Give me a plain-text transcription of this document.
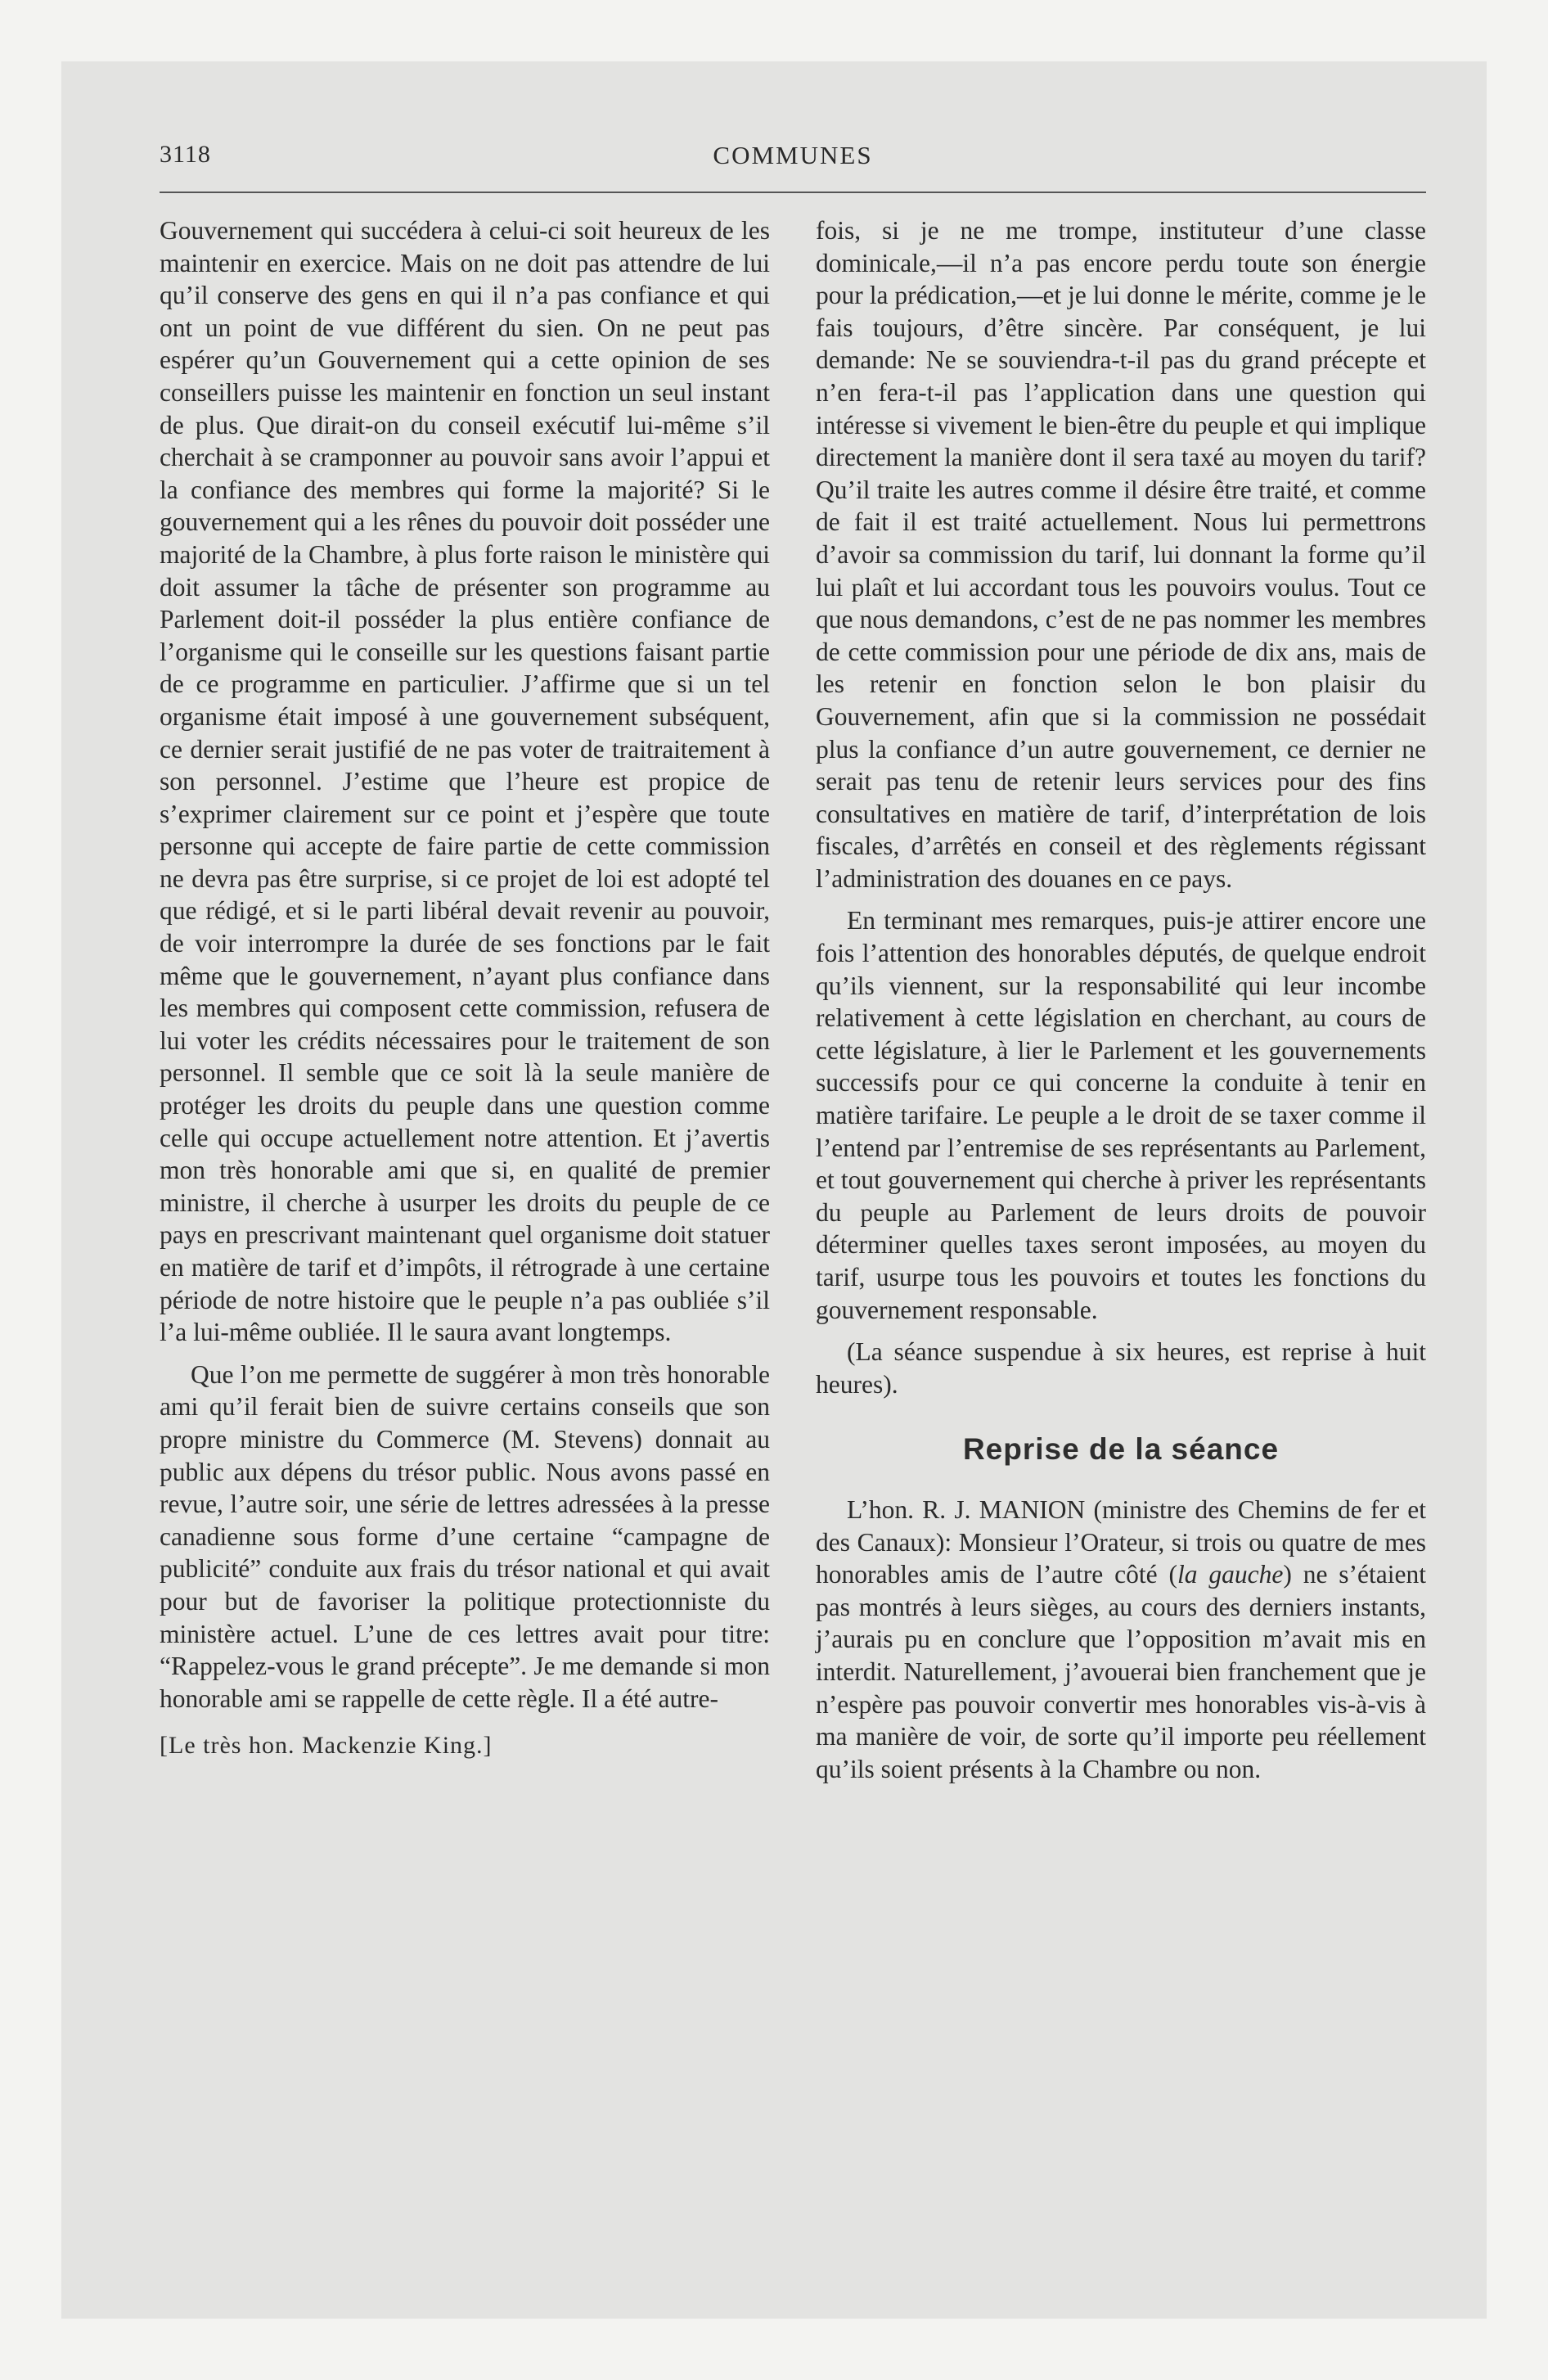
3118	COMMUNES

Gouvernement qui succédera à celui-ci soit heureux de les maintenir en exercice. Mais on ne doit pas attendre de lui qu’il conserve des gens en qui il n’a pas confiance et qui ont un point de vue différent du sien. On ne peut pas espérer qu’un Gouvernement qui a cette opinion de ses conseillers puisse les maintenir en fonction un seul instant de plus. Que dirait-on du conseil exécutif lui-même s’il cherchait à se cramponner au pouvoir sans avoir l’appui et la confiance des membres qui forme la majorité? Si le gouvernement qui a les rênes du pouvoir doit posséder une majorité de la Chambre, à plus forte raison le ministère qui doit assumer la tâche de présenter son programme au Parlement doit-il posséder la plus entière confiance de l’organisme qui le conseille sur les questions faisant partie de ce programme en particulier. J’affirme que si un tel organisme était imposé à une gouvernement subséquent, ce dernier serait justifié de ne pas voter de traitraitement à son personnel. J’estime que l’heure est propice de s’exprimer clairement sur ce point et j’espère que toute personne qui accepte de faire partie de cette commission ne devra pas être surprise, si ce projet de loi est adopté tel que rédigé, et si le parti libéral devait revenir au pouvoir, de voir interrompre la durée de ses fonctions par le fait même que le gouvernement, n’ayant plus confiance dans les membres qui composent cette commission, refusera de lui voter les crédits nécessaires pour le traitement de son personnel. Il semble que ce soit là la seule manière de protéger les droits du peuple dans une question comme celle qui occupe actuellement notre attention. Et j’avertis mon très honorable ami que si, en qualité de premier ministre, il cherche à usurper les droits du peuple de ce pays en prescrivant maintenant quel organisme doit statuer en matière de tarif et d’impôts, il rétrograde à une certaine période de notre histoire que le peuple n’a pas oubliée s’il l’a lui-même oubliée. Il le saura avant longtemps.

Que l’on me permette de suggérer à mon très honorable ami qu’il ferait bien de suivre certains conseils que son propre ministre du Commerce (M. Stevens) donnait au public aux dépens du trésor public. Nous avons passé en revue, l’autre soir, une série de lettres adressées à la presse canadienne sous forme d’une certaine “campagne de publicité” conduite aux frais du trésor national et qui avait pour but de favoriser la politique protectionniste du ministère actuel. L’une de ces lettres avait pour titre: “Rappelez-vous le grand précepte”. Je me demande si mon honorable ami se rappelle de cette règle. Il a été autre-

[Le très hon. Mackenzie King.]

fois, si je ne me trompe, instituteur d’une classe dominicale,—il n’a pas encore perdu toute son énergie pour la prédication,—et je lui donne le mérite, comme je le fais toujours, d’être sincère. Par conséquent, je lui demande: Ne se souviendra-t-il pas du grand précepte et n’en fera-t-il pas l’application dans une question qui intéresse si vivement le bien-être du peuple et qui implique directement la manière dont il sera taxé au moyen du tarif? Qu’il traite les autres comme il désire être traité, et comme de fait il est traité actuellement. Nous lui permettrons d’avoir sa commission du tarif, lui donnant la forme qu’il lui plaît et lui accordant tous les pouvoirs voulus. Tout ce que nous demandons, c’est de ne pas nommer les membres de cette commission pour une période de dix ans, mais de les retenir en fonction selon le bon plaisir du Gouvernement, afin que si la commission ne possédait plus la confiance d’un autre gouvernement, ce dernier ne serait pas tenu de retenir leurs services pour des fins consultatives en matière de tarif, d’interprétation de lois fiscales, d’arrêtés en conseil et des règlements régissant l’administration des douanes en ce pays.

En terminant mes remarques, puis-je attirer encore une fois l’attention des honorables députés, de quelque endroit qu’ils viennent, sur la responsabilité qui leur incombe relativement à cette législation en cherchant, au cours de cette législature, à lier le Parlement et les gouvernements successifs pour ce qui concerne la conduite à tenir en matière tarifaire. Le peuple a le droit de se taxer comme il l’entend par l’entremise de ses représentants au Parlement, et tout gouvernement qui cherche à priver les représentants du peuple au Parlement de leurs droits de pouvoir déterminer quelles taxes seront imposées, au moyen du tarif, usurpe tous les pouvoirs et toutes les fonctions du gouvernement responsable.

(La séance suspendue à six heures, est reprise à huit heures).

Reprise de la séance

L’hon. R. J. MANION (ministre des Chemins de fer et des Canaux): Monsieur l’Orateur, si trois ou quatre de mes honorables amis de l’autre côté (la gauche) ne s’étaient pas montrés à leurs sièges, au cours des derniers instants, j’aurais pu en conclure que l’opposition m’avait mis en interdit. Naturellement, j’avouerai bien franchement que je n’espère pas pouvoir convertir mes honorables vis-à-vis à ma manière de voir, de sorte qu’il importe peu réellement qu’ils soient présents à la Chambre ou non.
